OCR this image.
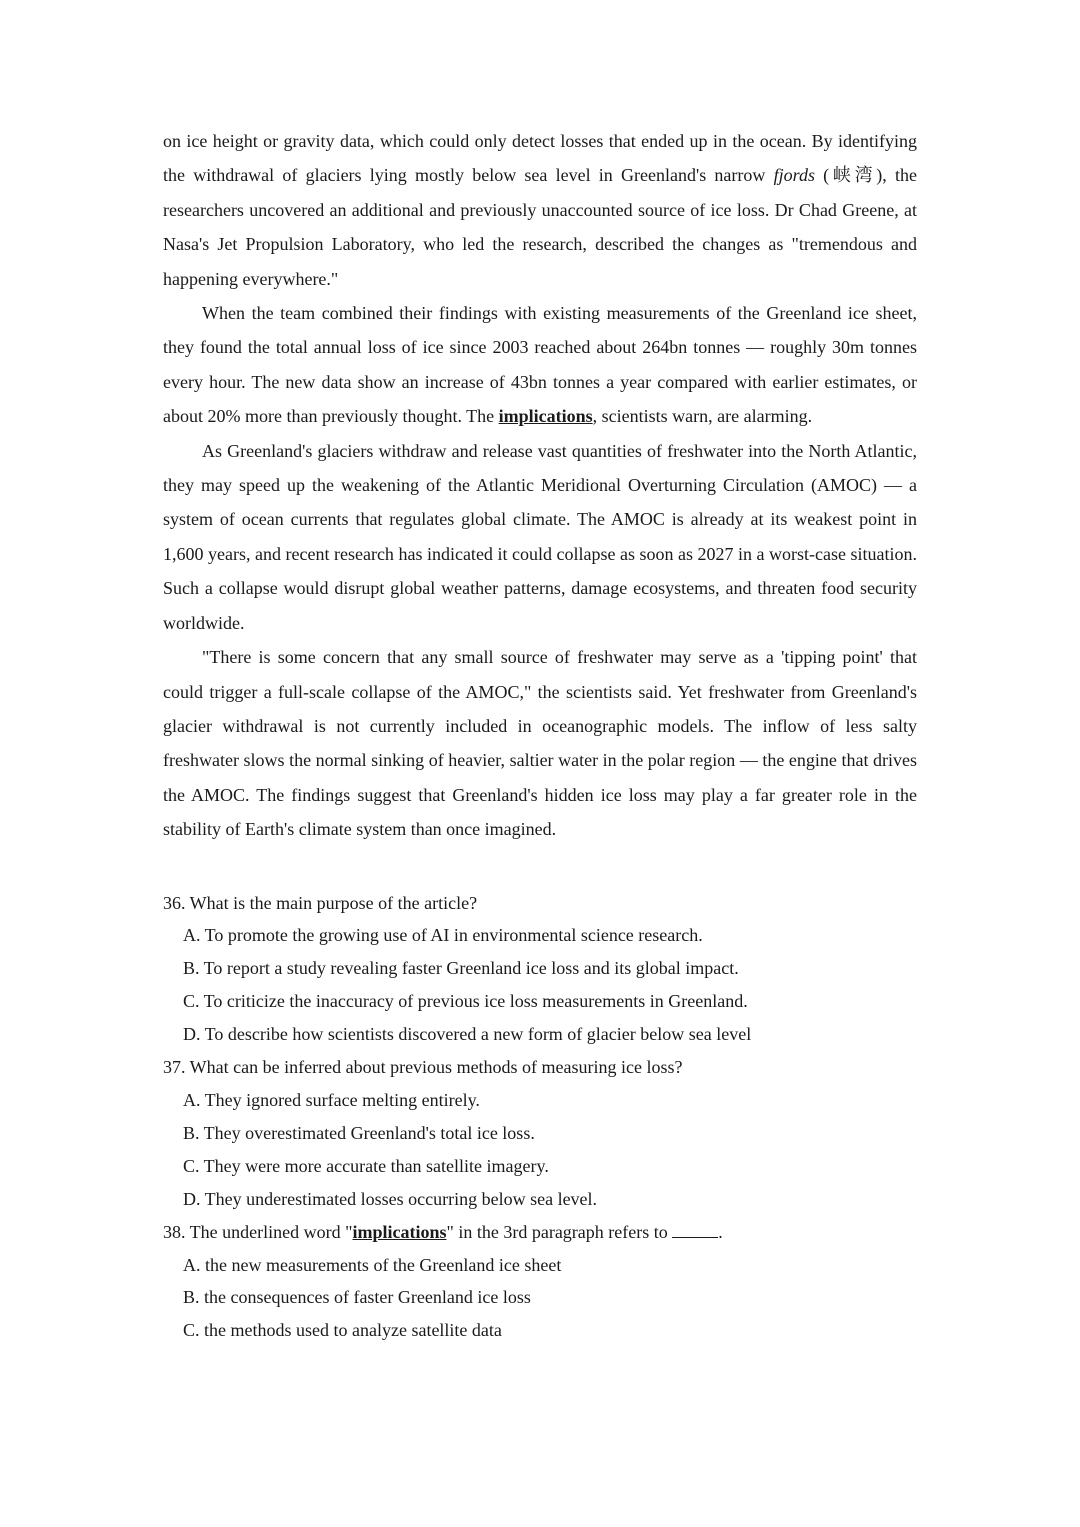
on ice height or gravity data, which could only detect losses that ended up in the ocean. By identifying the withdrawal of glaciers lying mostly below sea level in Greenland's narrow fjords (峡湾), the researchers uncovered an additional and previously unaccounted source of ice loss. Dr Chad Greene, at Nasa's Jet Propulsion Laboratory, who led the research, described the changes as "tremendous and happening everywhere."

When the team combined their findings with existing measurements of the Greenland ice sheet, they found the total annual loss of ice since 2003 reached about 264bn tonnes — roughly 30m tonnes every hour. The new data show an increase of 43bn tonnes a year compared with earlier estimates, or about 20% more than previously thought. The implications, scientists warn, are alarming.

As Greenland's glaciers withdraw and release vast quantities of freshwater into the North Atlantic, they may speed up the weakening of the Atlantic Meridional Overturning Circulation (AMOC) — a system of ocean currents that regulates global climate. The AMOC is already at its weakest point in 1,600 years, and recent research has indicated it could collapse as soon as 2027 in a worst-case situation. Such a collapse would disrupt global weather patterns, damage ecosystems, and threaten food security worldwide.

"There is some concern that any small source of freshwater may serve as a 'tipping point' that could trigger a full-scale collapse of the AMOC," the scientists said. Yet freshwater from Greenland's glacier withdrawal is not currently included in oceanographic models. The inflow of less salty freshwater slows the normal sinking of heavier, saltier water in the polar region — the engine that drives the AMOC. The findings suggest that Greenland's hidden ice loss may play a far greater role in the stability of Earth's climate system than once imagined.

36. What is the main purpose of the article?

A. To promote the growing use of AI in environmental science research.

B. To report a study revealing faster Greenland ice loss and its global impact.

C. To criticize the inaccuracy of previous ice loss measurements in Greenland.

D. To describe how scientists discovered a new form of glacier below sea level

37. What can be inferred about previous methods of measuring ice loss?

A. They ignored surface melting entirely.

B. They overestimated Greenland's total ice loss.

C. They were more accurate than satellite imagery.

D. They underestimated losses occurring below sea level.

38. The underlined word "implications" in the 3rd paragraph refers to	.

A. the new measurements of the Greenland ice sheet

B. the consequences of faster Greenland ice loss

C. the methods used to analyze satellite data
